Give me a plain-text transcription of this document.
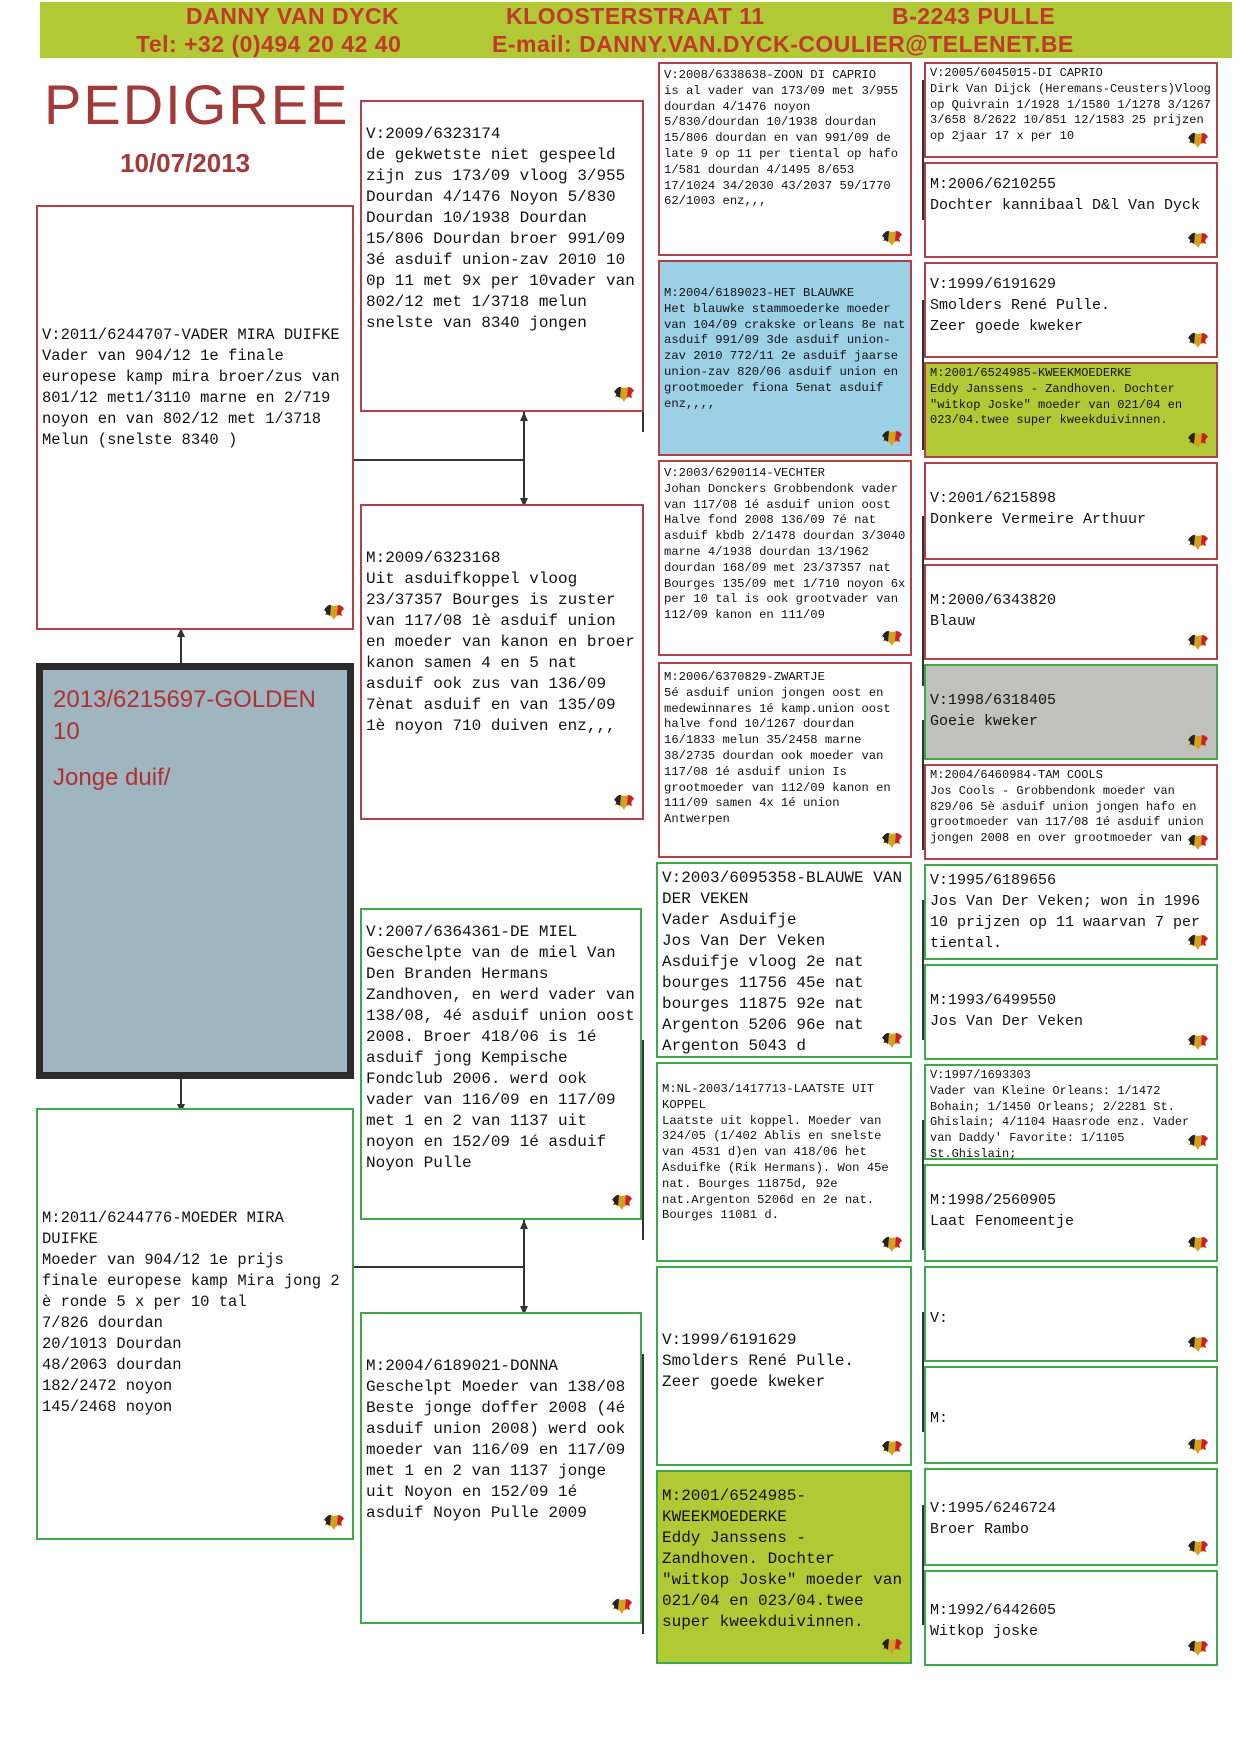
DANNY VAN DYCK	KLOOSTERSTRAAT 11	B-2243 PULLE
Tel: +32 (0)494 20 42 40	E-mail: DANNY.VAN.DYCK-COULIER@TELENET.BE
PEDIGREE
10/07/2013
2013/6215697-GOLDEN 10
Jonge duif/
V:2011/6244707-VADER MIRA DUIFKE
Vader van 904/12 1e finale europese kamp mira broer/zus van 801/12 met1/3110 marne en 2/719 noyon en van 802/12 met 1/3718 Melun (snelste 8340 )
M:2011/6244776-MOEDER MIRA DUIFKE
Moeder van 904/12 1e prijs finale europese kamp Mira jong 2 è ronde 5 x per 10 tal
7/826 dourdan
20/1013 Dourdan
48/2063 dourdan
182/2472 noyon
145/2468 noyon
V:2009/6323174
de gekwetste niet gespeeld zijn zus 173/09 vloog 3/955 Dourdan 4/1476 Noyon 5/830 Dourdan 10/1938 Dourdan 15/806 Dourdan broer 991/09 3é asduif union-zav 2010 10 0p 11 met 9x per 10vader van 802/12 met 1/3718 melun snelste van 8340 jongen
M:2009/6323168
Uit asduifkoppel vloog 23/37357 Bourges is zuster van 117/08 1è asduif union en moeder van kanon en broer kanon samen 4 en 5 nat asduif ook zus van 136/09 7ènat asduif en van 135/09 1è noyon 710 duiven enz,,,
V:2007/6364361-DE MIEL
Geschelpte van de miel Van Den Branden Hermans Zandhoven, en werd vader van 138/08, 4é asduif union oost 2008. Broer 418/06 is 1é asduif jong Kempische Fondclub 2006. werd ook vader van 116/09 en 117/09 met 1 en 2 van 1137 uit noyon en 152/09 1é asduif Noyon Pulle
M:2004/6189021-DONNA
Geschelpt Moeder van 138/08 Beste jonge doffer 2008 (4é asduif union 2008) werd ook moeder van 116/09 en 117/09 met 1 en 2 van 1137 jonge uit Noyon en 152/09 1é asduif Noyon Pulle 2009
V:2008/6338638-ZOON DI CAPRIO
is al vader van 173/09 met 3/955 dourdan 4/1476 noyon 5/830/dourdan 10/1938 dourdan 15/806 dourdan en van 991/09 de late 9 op 11 per tiental op hafo 1/581 dourdan 4/1495 8/653 17/1024 34/2030 43/2037 59/1770 62/1003 enz,,,
M:2004/6189023-HET BLAUWKE
Het blauwke stammoederke moeder van 104/09 crakske orleans 8e nat asduif 991/09 3de asduif union-zav 2010 772/11 2e asduif jaarse union-zav 820/06 asduif union en grootmoeder fiona 5enat asduif enz,,,,
V:2003/6290114-VECHTER
Johan Donckers Grobbendonk vader van 117/08 1é asduif union oost Halve fond 2008 136/09 7é nat asduif kbdb 2/1478 dourdan 3/3040 marne 4/1938 dourdan 13/1962 dourdan 168/09 met 23/37357 nat Bourges 135/09 met 1/710 noyon 6x per 10 tal is ook grootvader van 112/09 kanon en 111/09
M:2006/6370829-ZWARTJE
5é asduif union jongen oost en medewinnares 1é kamp.union oost halve fond 10/1267 dourdan 16/1833 melun 35/2458 marne 38/2735 dourdan ook moeder van 117/08 1é asduif union Is grootmoeder van 112/09 kanon en 111/09 samen 4x 1é union Antwerpen
V:2003/6095358-BLAUWE VAN DER VEKEN
Vader Asduifje
Jos Van Der Veken
Asduifje vloog 2e nat bourges 11756 45e nat bourges 11875 92e nat Argenton 5206 96e nat Argenton 5043 d
M:NL-2003/1417713-LAATSTE UIT KOPPEL
Laatste uit koppel. Moeder van 324/05 (1/402 Ablis en snelste van 4531 d)en van 418/06 het Asduifke (Rik Hermans). Won 45e nat. Bourges 11875d, 92e nat.Argenton 5206d en 2e nat. Bourges 11081 d.
V:1999/6191629
Smolders René Pulle.
Zeer goede kweker
M:2001/6524985-KWEEKMOEDERKE
Eddy Janssens - Zandhoven. Dochter "witkop Joske" moeder van 021/04 en 023/04.twee super kweekduivinnen.
V:2005/6045015-DI CAPRIO
Dirk Van Dijck (Heremans-Ceusters)Vloog op Quivrain 1/1928 1/1580 1/1278 3/1267 3/658 8/2622 10/851 12/1583 25 prijzen op 2jaar 17 x per 10
M:2006/6210255
Dochter kannibaal D&l Van Dyck
V:1999/6191629
Smolders René Pulle.
Zeer goede kweker
M:2001/6524985-KWEEKMOEDERKE
Eddy Janssens - Zandhoven. Dochter "witkop Joske" moeder van 021/04 en 023/04.twee super kweekduivinnen.
V:2001/6215898
Donkere Vermeire Arthuur
M:2000/6343820
Blauw
V:1998/6318405
Goeie kweker
M:2004/6460984-TAM COOLS
Jos Cools - Grobbendonk moeder van 829/06 5è asduif union jongen hafo en grootmoeder van 117/08 1é asduif union jongen 2008 en over grootmoeder van
V:1995/6189656
Jos Van Der Veken; won in 1996 10 prijzen op 11 waarvan 7 per tiental.
M:1993/6499550
Jos Van Der Veken
V:1997/1693303
Vader van Kleine Orleans: 1/1472 Bohain; 1/1450 Orleans; 2/2281 St. Ghislain; 4/1104 Haasrode enz. Vader van Daddy' Favorite: 1/1105 St.Ghislain;
M:1998/2560905
Laat Fenomeentje
V:
M:
V:1995/6246724
Broer Rambo
M:1992/6442605
Witkop joske
